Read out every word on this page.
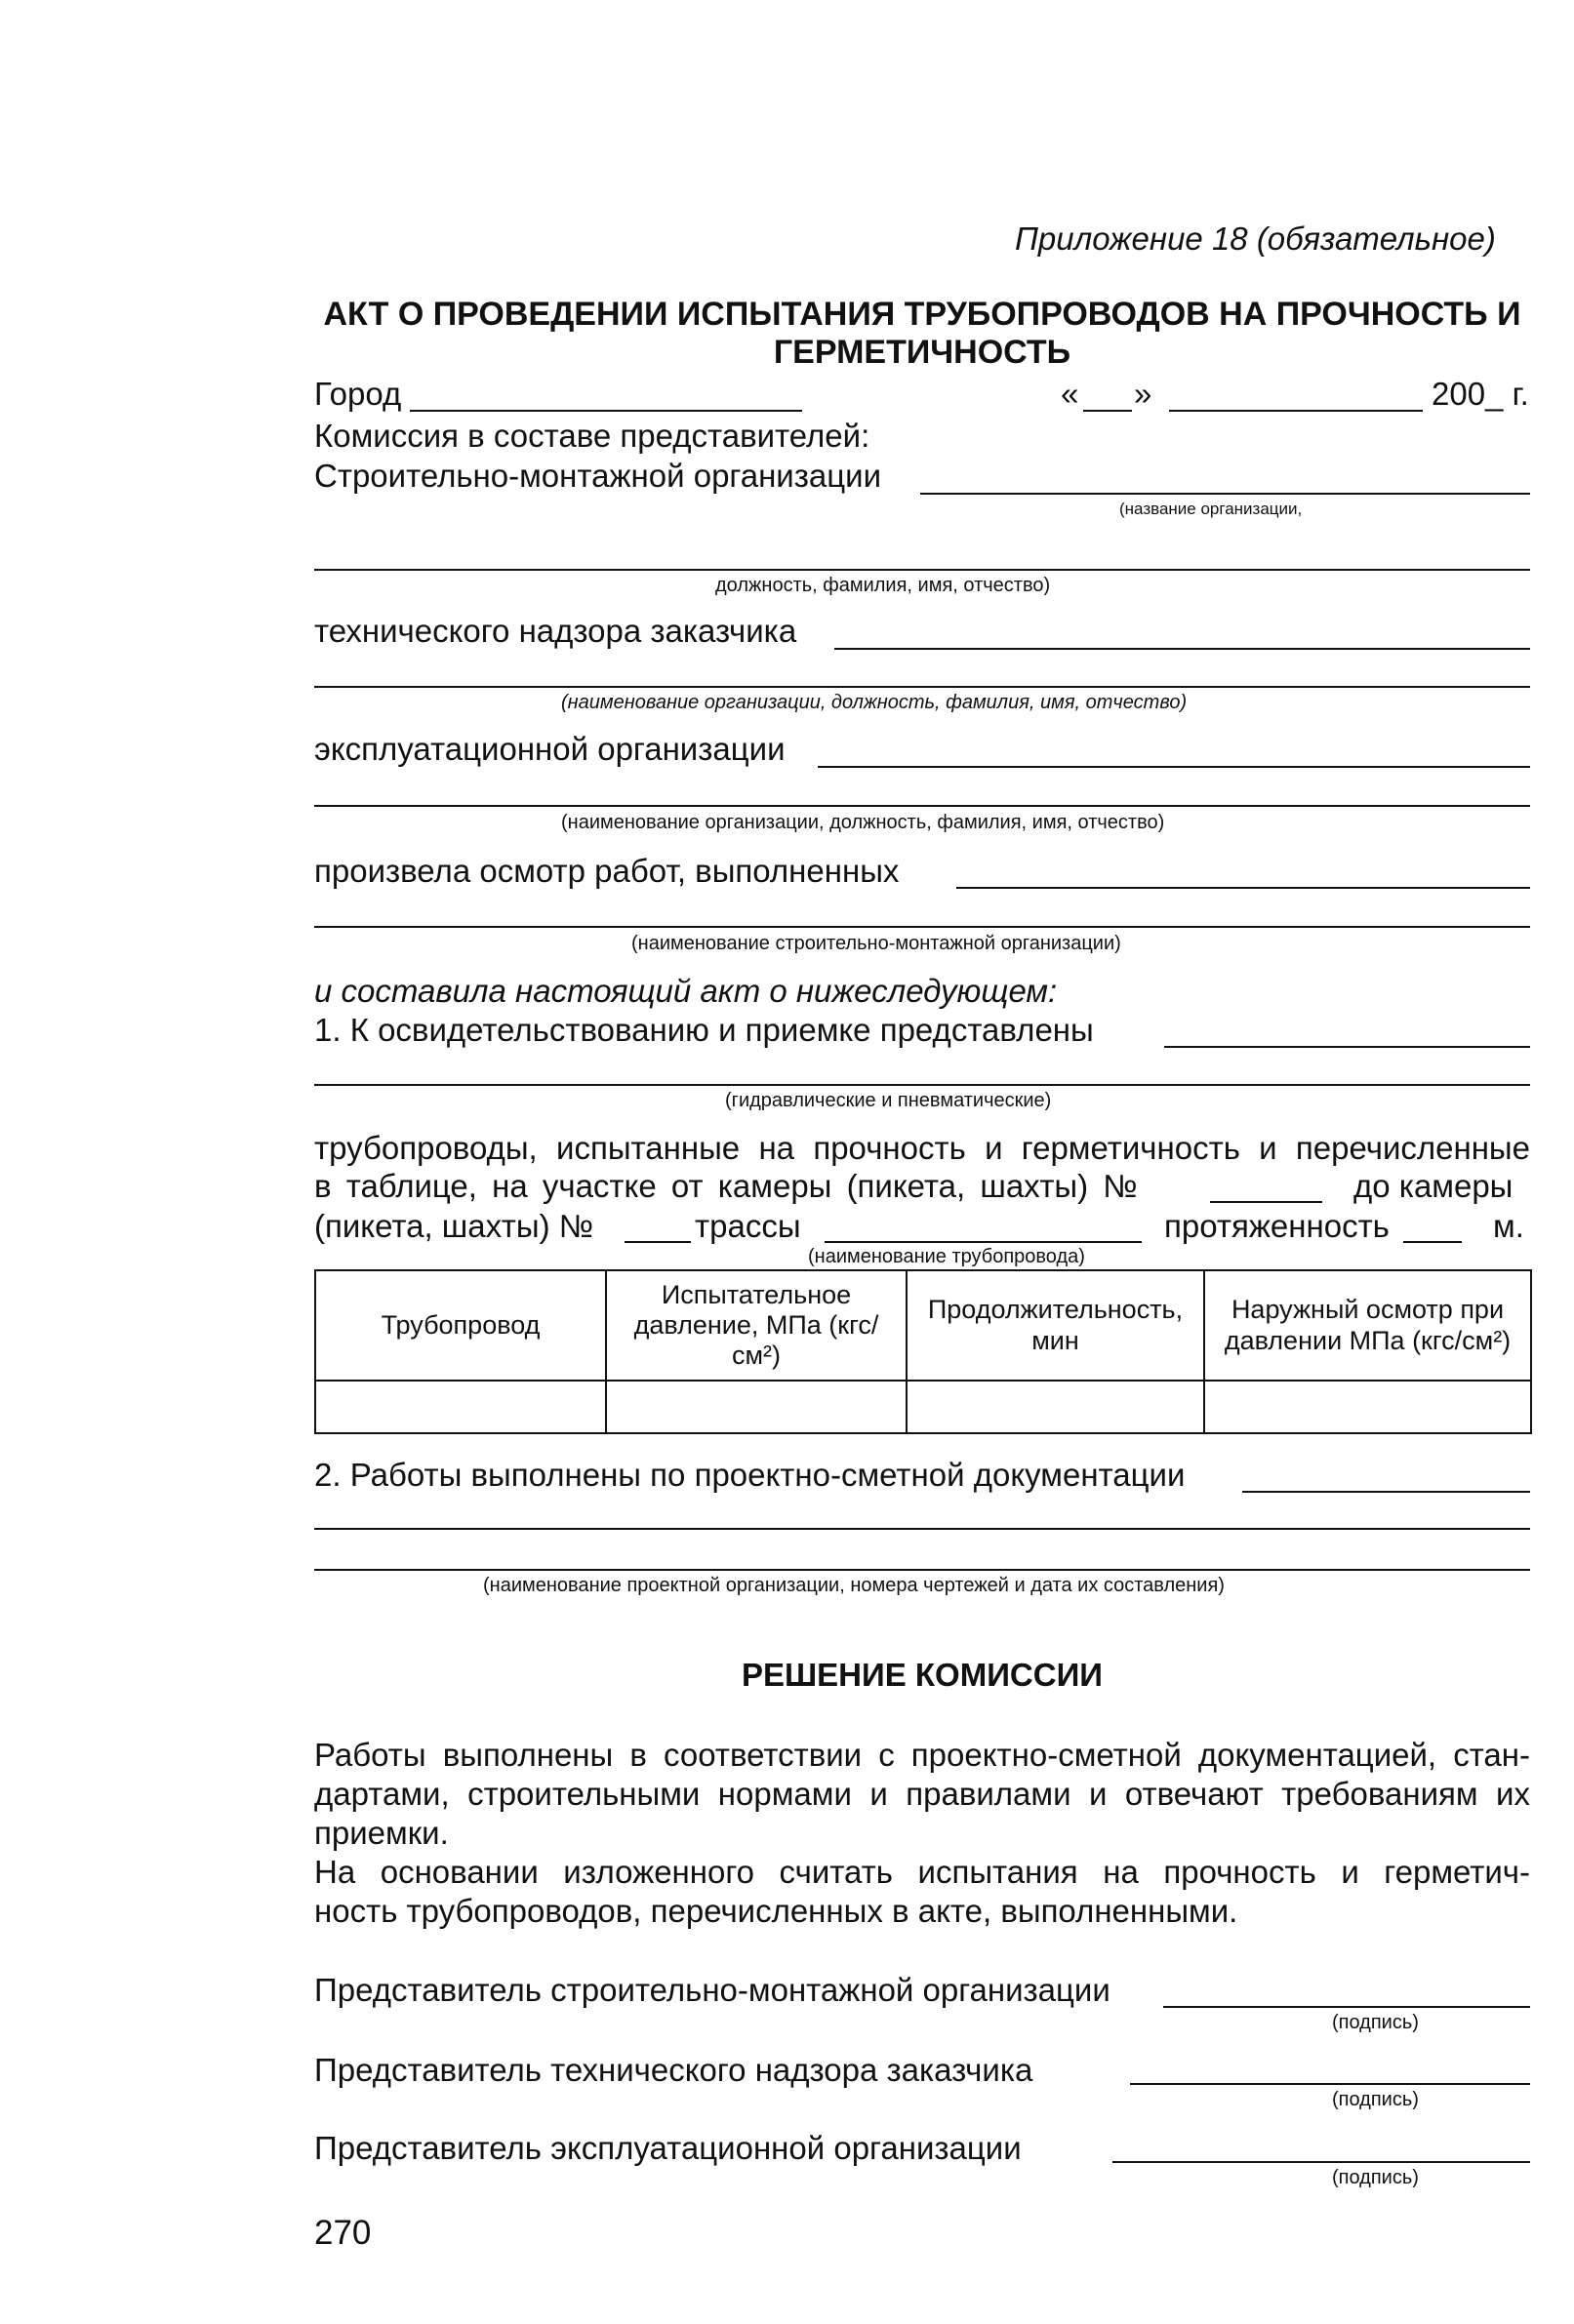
Приложение 18 (обязательное)
АКТ О ПРОВЕДЕНИИ ИСПЫТАНИЯ ТРУБОПРОВОДОВ НА ПРОЧНОСТЬ И
ГЕРМЕТИЧНОСТЬ
Город	« »	200_ г.
Комиссия в составе представителей:
Строительно-монтажной организации
(название организации,
должность, фамилия, имя, отчество)
технического надзора заказчика
(наименование организации, должность, фамилия, имя, отчество)
эксплуатационной организации
(наименование организации, должность, фамилия, имя, отчество)
произвела осмотр работ, выполненных
(наименование строительно-монтажной организации)
и составила настоящий акт о нижеследующем:
1. К освидетельствованию и приемке представлены
(гидравлические и пневматические)
трубопроводы, испытанные на прочность и герметичность и перечисленные
в таблице, на участке от камеры (пикета, шахты) №	до камеры
(пикета, шахты) №	трассы	протяженность	м.
(наименование трубопровода)
Трубопровод	Испытательное давление, МПа (кгс/см²)	Продолжительность, мин	Наружный осмотр при давлении МПа (кгс/см²)

2. Работы выполнены по проектно-сметной документации
(наименование проектной организации, номера чертежей и дата их составления)
РЕШЕНИЕ КОМИССИИ
Работы выполнены в соответствии с проектно-сметной документацией, стан-
дартами, строительными нормами и правилами и отвечают требованиям их
приемки.
На основании изложенного считать испытания на прочность и герметич-
ность трубопроводов, перечисленных в акте, выполненными.
Представитель строительно-монтажной организации
(подпись)
Представитель технического надзора заказчика
(подпись)
Представитель эксплуатационной организации
(подпись)
270
